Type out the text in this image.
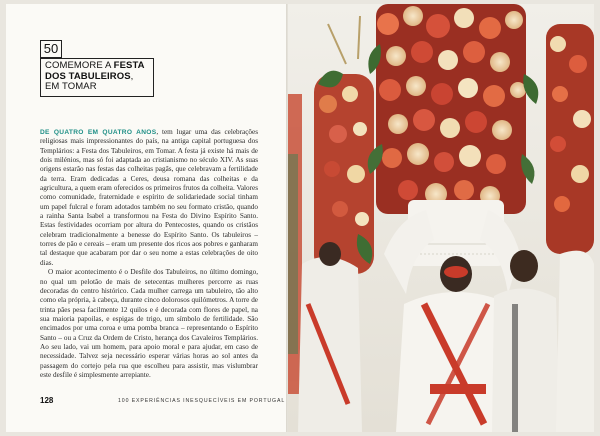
50
COMEMORE A FESTA
DOS TABULEIROS,
EM TOMAR

DE QUATRO EM QUATRO ANOS, tem lugar uma das celebrações religiosas mais impressionantes do país, na antiga capital portuguesa dos Templários: a Festa dos Tabuleiros, em Tomar. A festa já existe há mais de dois milénios, mas só foi adaptada ao cristianismo no século XIV. As suas origens estarão nas festas das colheitas pagãs, que celebravam a fertilidade da terra. Eram dedicadas a Ceres, deusa romana das colheitas e da agricultura, a quem eram oferecidos os primeiros frutos da colheita. Valores como comunidade, fraternidade e espírito de solidariedade social tinham um papel fulcral e foram adotados também no seu formato cristão, quando a rainha Santa Isabel a transformou na Festa do Divino Espírito Santo. Estas festividades ocorriam por altura do Pentecostes, quando os cristãos celebram tradicionalmente a benesse do Espírito Santo. Os tabuleiros – torres de pão e cereais – eram um presente dos ricos aos pobres e ganharam tal destaque que acabaram por dar o seu nome a estas celebrações de oito dias.

O maior acontecimento é o Desfile dos Tabuleiros, no último domingo, no qual um pelotão de mais de setecentas mulheres percorre as ruas decoradas do centro histórico. Cada mulher carrega um tabuleiro, tão alto como ela própria, à cabeça, durante cinco dolorosos quilómetros. A torre de trinta pães pesa facilmente 12 quilos e é decorada com flores de papel, na sua maioria papoilas, e espigas de trigo, um símbolo de fertilidade. São encimados por uma coroa e uma pomba branca – representando o Espírito Santo – ou a Cruz da Ordem de Cristo, herança dos Cavaleiros Templários. Ao seu lado, vai um homem, para apoio moral e para ajudar, em caso de necessidade. Talvez seja necessário esperar várias horas ao sol antes da passagem do cortejo pela rua que escolheu para assistir, mas vislumbrar este desfile é simplesmente arrepiante.

128	100 EXPERIÊNCIAS INESQUECÍVEIS EM PORTUGAL
